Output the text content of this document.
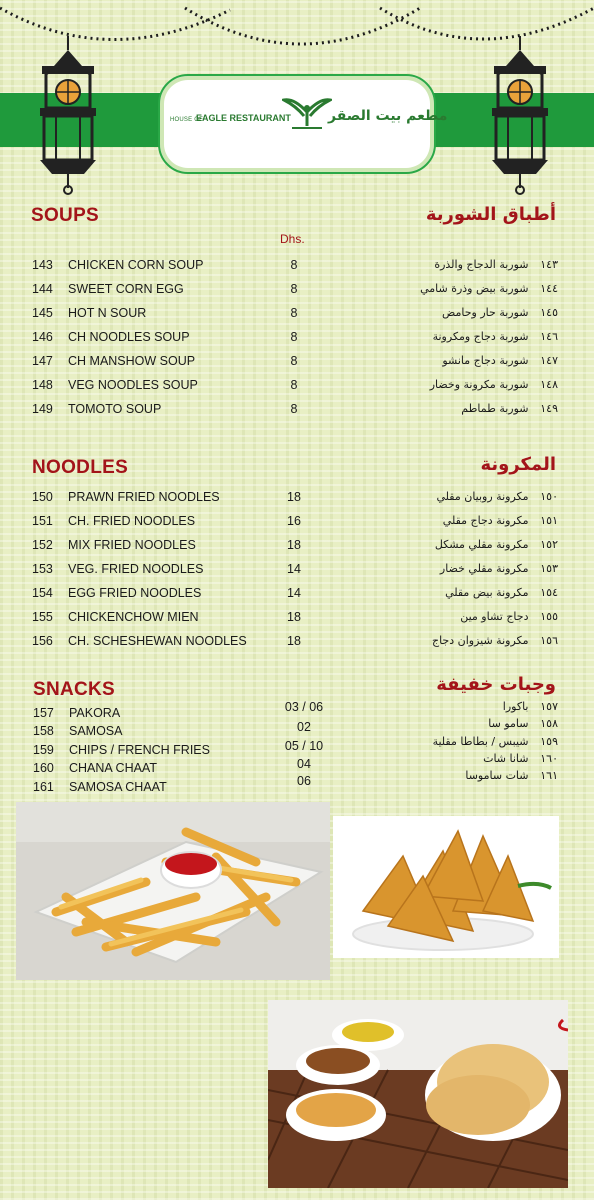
HOUSE OF
EAGLE RESTAURANT	مطعم بيت الصقر
SOUPS	أطباق الشوربة
Dhs.
143	CHICKEN CORN SOUP	8
144	SWEET CORN EGG	8
145	HOT N SOUR	8
146	CH NOODLES SOUP	8
147	CH MANSHOW SOUP	8
148	VEG NOODLES SOUP	8
149	TOMOTO SOUP	8
١٤٣ شوربة الدجاج والذرة
١٤٤ شوربة بيض وذرة شامي
١٤٥ شوربة حار وحامض
١٤٦ شوربة دجاج ومكرونة
١٤٧ شوربة دجاج مانشو
١٤٨ شوربة مكرونة وخضار
١٤٩ شوربة طماطم
NOODLES	المكرونة
150	PRAWN FRIED NOODLES	18
151	CH. FRIED NOODLES	16
152	MIX FRIED NOODLES	18
153	VEG. FRIED NOODLES	14
154	EGG FRIED NOODLES	14
155	CHICKENCHOW MIEN	18
156	CH. SCHESHEWAN NOODLES	18
١٥٠ مكرونة روبيان مقلي
١٥١ مكرونة دجاج مقلي
١٥٢ مكرونة مقلي مشكل
١٥٣ مكرونة مقلي خضار
١٥٤ مكرونة بيض مقلي
١٥٥ دجاج تشاو مين
١٥٦ مكرونة شيزوان دجاج
SNACKS	وجبات خفيفة
157	PAKORA	03 / 06
158	SAMOSA	02
159	CHIPS / FRENCH FRIES	05 / 10
160	CHANA CHAAT	04
161	SAMOSA CHAAT	06
١٥٧ باكورا
١٥٨ سامو سا
١٥٩ شيبس / بطاطا مقلية
١٦٠ شانا شات
١٦١ شات ساموسا
